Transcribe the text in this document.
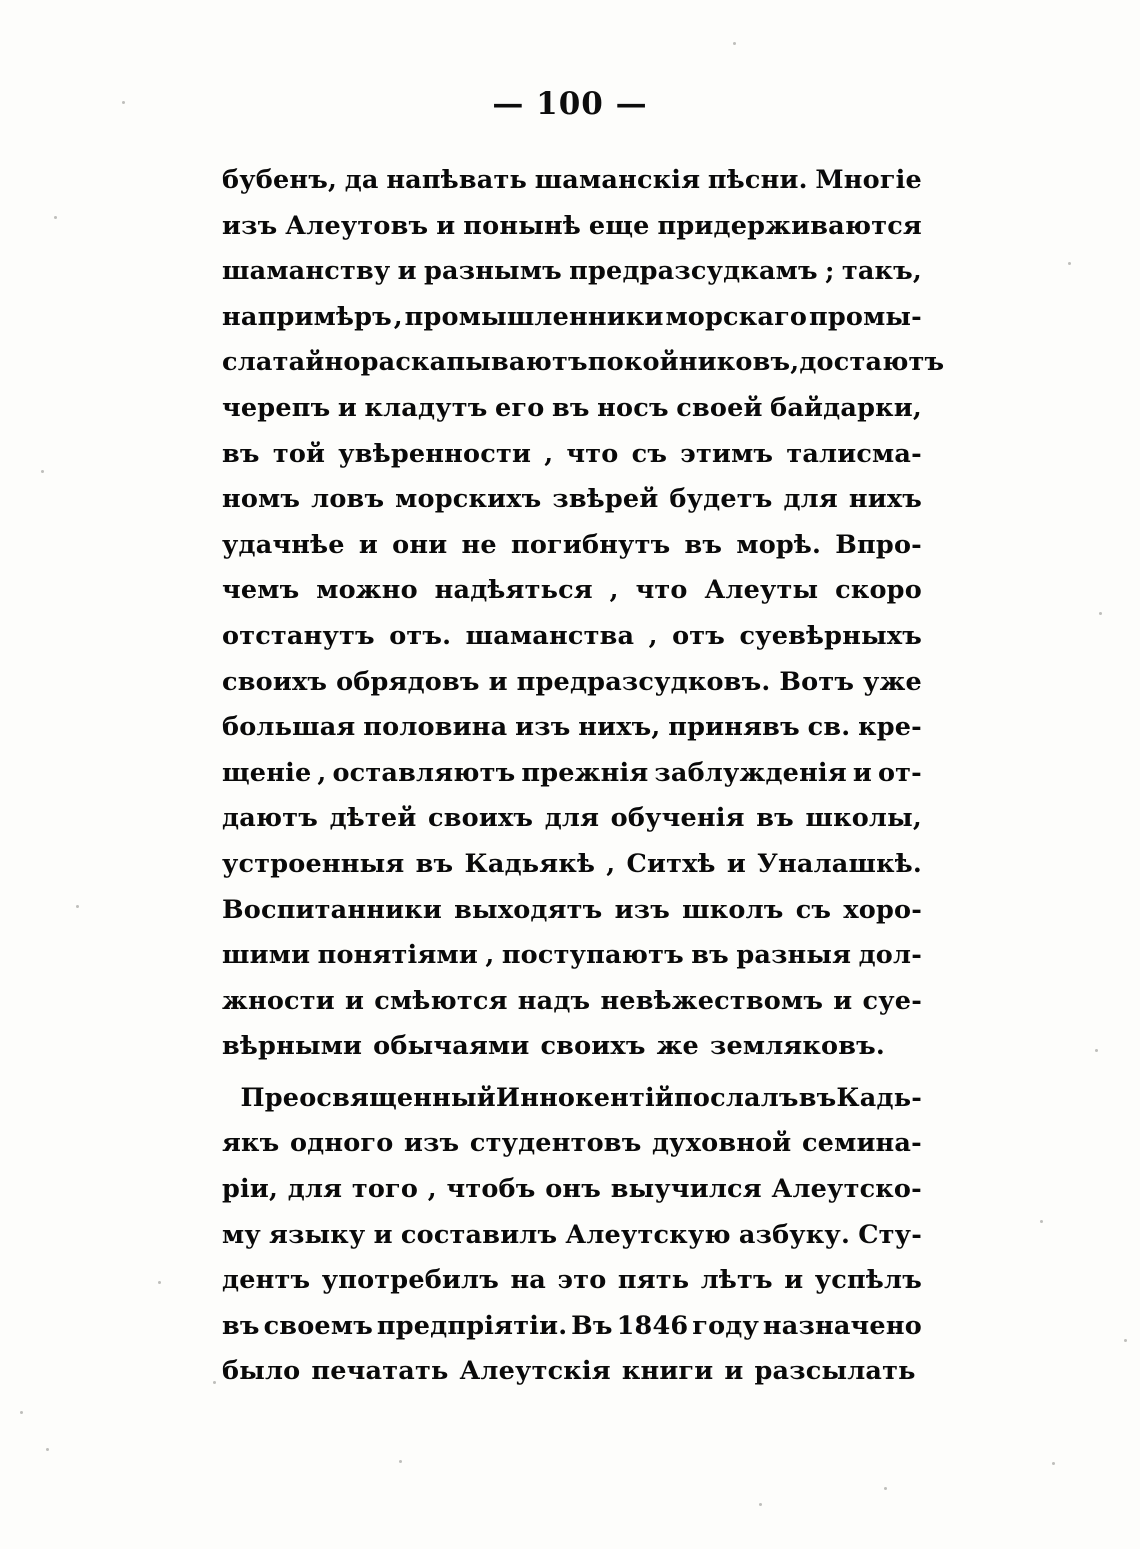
— 100 —
бубенъ, да напѣвать шаманскія пѣсни. Многіе
изъ Алеутовъ и понынѣ еще придерживаются
шаманству и разнымъ предразсудкамъ ; такъ,
напримѣръ , промышленники морскаго промы-
сла тайно раскапываютъ покойниковъ, достаютъ
черепъ и кладутъ его въ носъ своей байдарки,
въ той увѣренности , что съ этимъ талисма-
номъ ловъ морскихъ звѣрей будетъ для нихъ
удачнѣе и они не погибнутъ въ морѣ. Впро-
чемъ можно надѣяться , что Алеуты скоро
отстанутъ отъ. шаманства , отъ суевѣрныхъ
своихъ обрядовъ и предразсудковъ. Вотъ уже
большая половина изъ нихъ, принявъ св. кре-
щеніе , оставляютъ прежнія заблужденія и от-
даютъ дѣтей своихъ для обученія въ школы,
устроенныя въ Кадьякѣ , Ситхѣ и Уналашкѣ.
Воспитанники выходятъ изъ школъ съ хоро-
шими понятіями , поступаютъ въ разныя дол-
жности и смѣются надъ невѣжествомъ и суе-
вѣрными обычаями своихъ же земляковъ.
Преосвященный Иннокентій послалъ въ Кадь-
якъ одного изъ студентовъ духовной семина-
ріи, для того , чтобъ онъ выучился Алеутско-
му языку и составилъ Алеутскую азбуку. Сту-
дентъ употребилъ на это пять лѣтъ и успѣлъ
въ своемъ предпріятіи. Въ 1846 году назначено
было печатать Алеутскія книги и разсылать
